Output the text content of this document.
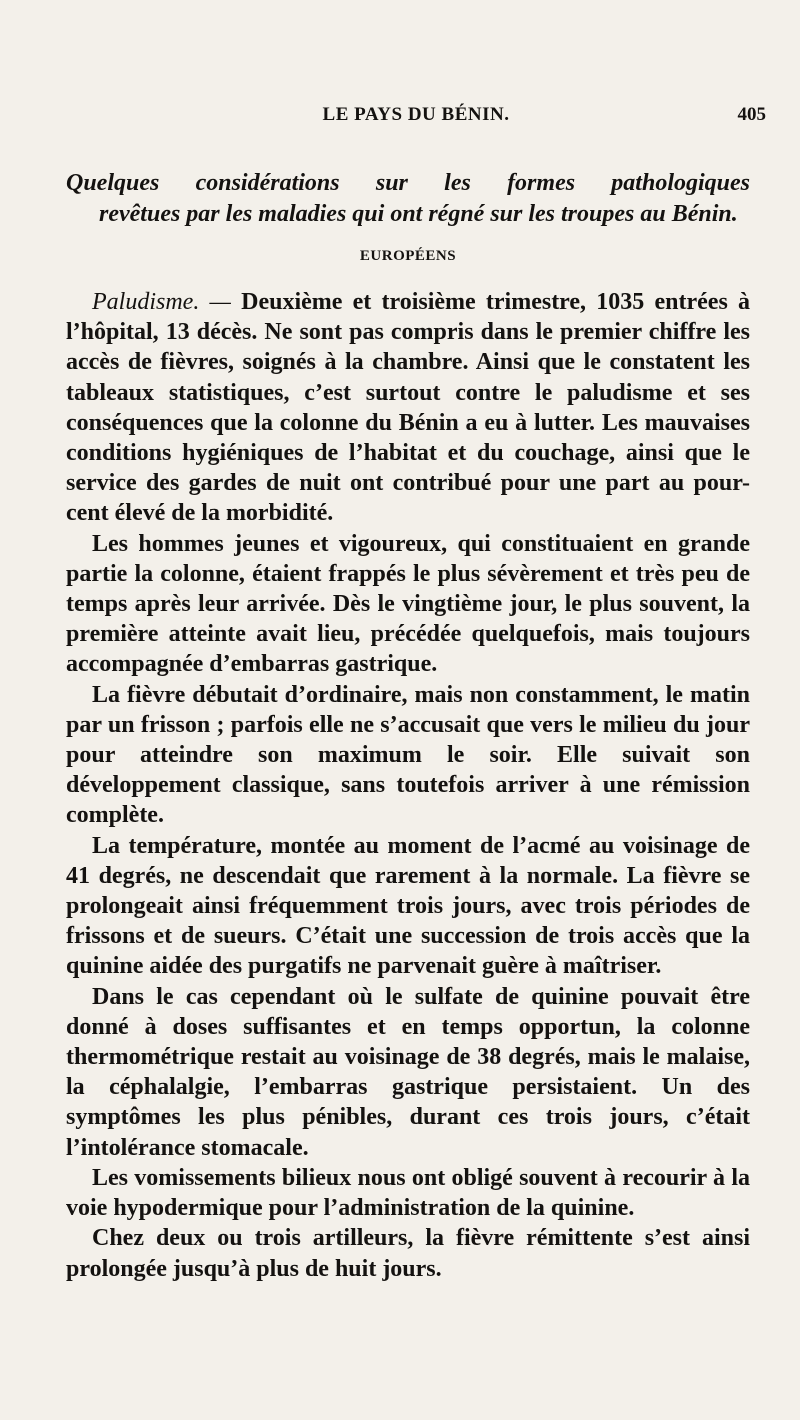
LE PAYS DU BÉNIN.	405
Quelques considérations sur les formes pathologiques
revêtues par les maladies qui ont régné sur les troupes au Bénin.
EUROPÉENS

Paludisme. — Deuxième et troisième trimestre, 1035 entrées à l’hôpital, 13 décès. Ne sont pas compris dans le premier chiffre les accès de fièvres, soignés à la chambre. Ainsi que le constatent les tableaux statistiques, c’est surtout contre le paludisme et ses conséquences que la colonne du Bénin a eu à lutter. Les mauvaises conditions hygiéniques de l’habitat et du couchage, ainsi que le service des gardes de nuit ont contribué pour une part au pour-cent élevé de la morbidité.

Les hommes jeunes et vigoureux, qui constituaient en grande partie la colonne, étaient frappés le plus sévèrement et très peu de temps après leur arrivée. Dès le vingtième jour, le plus souvent, la première atteinte avait lieu, précédée quelquefois, mais toujours accompagnée d’embarras gastrique.

La fièvre débutait d’ordinaire, mais non constamment, le matin par un frisson ; parfois elle ne s’accusait que vers le milieu du jour pour atteindre son maximum le soir. Elle suivait son développement classique, sans toutefois arriver à une rémission complète.

La température, montée au moment de l’acmé au voisinage de 41 degrés, ne descendait que rarement à la normale. La fièvre se prolongeait ainsi fréquemment trois jours, avec trois périodes de frissons et de sueurs. C’était une succession de trois accès que la quinine aidée des purgatifs ne parvenait guère à maîtriser.

Dans le cas cependant où le sulfate de quinine pouvait être donné à doses suffisantes et en temps opportun, la colonne thermométrique restait au voisinage de 38 degrés, mais le malaise, la céphalalgie, l’embarras gastrique persistaient. Un des symptômes les plus pénibles, durant ces trois jours, c’était l’intolérance stomacale.

Les vomissements bilieux nous ont obligé souvent à recourir à la voie hypodermique pour l’administration de la quinine.

Chez deux ou trois artilleurs, la fièvre rémittente s’est ainsi prolongée jusqu’à plus de huit jours.
